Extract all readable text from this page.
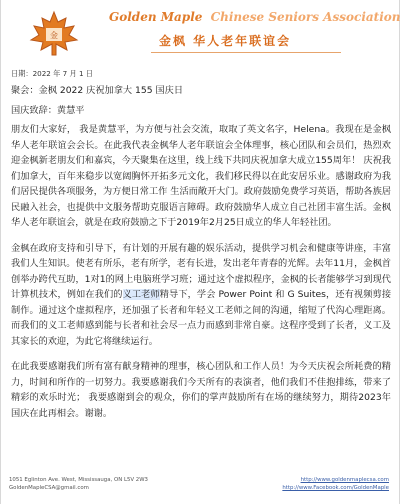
金
Golden Maple Chinese Seniors Association
金枫 华人老年联谊会
日期：2022 年 7 月 1 日
聚会：金枫 2022 庆祝加拿大 155 国庆日
国庆致辞：黄慧平

朋友们大家好， 我是黄慧平，为方便与社会交流，取取了英文名字，Helena。我现在是金枫华人老年联谊会会长。在此我代表金枫华人老年联谊会全体理事，核心团队和会员们，热烈欢迎金枫新老朋友们和嘉宾，今天聚集在这里，线上线下共同庆祝加拿大成立155周年！ 庆祝我们加拿大，百年来稳步以宽阔胸怀开拓多元文化，我们移民得以在此安居乐业。感谢政府为我们居民提供各项服务，为方便日常工作 生活而敞开大门。政府鼓励免费学习英语，帮助各族居民融入社会，也提供中文服务帮助克服语言障碍。政府鼓励华人成立自己社团丰富生活。金枫华人老年联谊会，就是在政府鼓励之下于2019年2月25日成立的华人年轻社团。

金枫在政府支持和引导下，有计划的开展有趣的娱乐活动，提供学习机会和健康等讲座，丰富我们人生知识。使老有所乐，老有所学，老有长进，发出老年青春的光辉。去年11月，金枫首创举办跨代互助，1对1的网上电脑班学习班；通过这个虚拟程序，金枫的长者能够学习到现代计算机技术，例如在我们的义工老师精导下，学会 Power Point 和 G Suites，还有视频剪接制作。通过这个虚拟程序，还加强了长者和年轻义工老师之间的沟通，缩短了代沟心理距离。而我们的义工老师感到能与长者和社会尽一点力而感到非常自豪。这程序受到了长者，义工及其家长的欢迎，为此它将继续运行。

在此我要感谢我们所有富有献身精神的理事，核心团队和工作人员！为今天庆祝会所耗费的精力，时间和所作的一切努力。我要感谢我们今天所有的表演者，他们我们不佳抱排练，带来了精彩的欢乐时光； 我要感谢到会的观众，你们的掌声鼓励所有在场的继续努力，期待2023年国庆在此再相会。谢谢。

1051 Eglinton Ave. West, Mississauga, ON L5V 2W3
GoldenMapleCSA@gmail.com
http://www.goldenmaplecsa.com
http://www.Facebook.com/GoldenMaple
